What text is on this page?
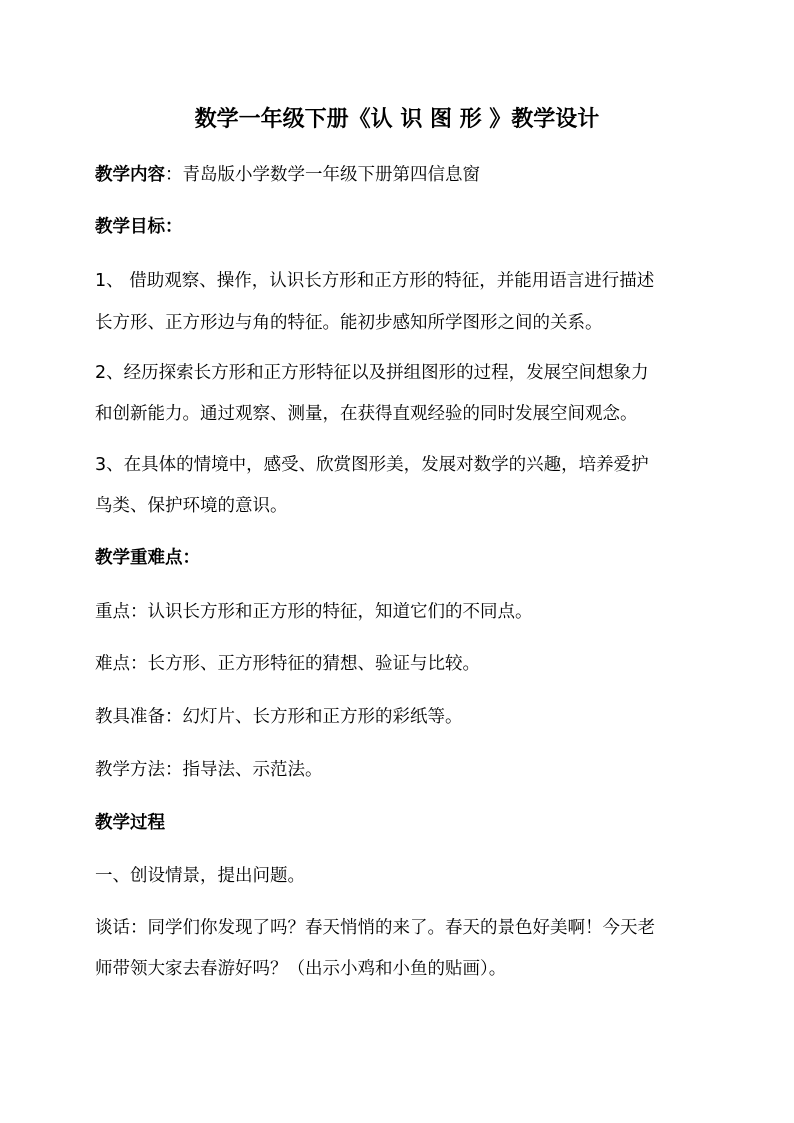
数学一年级下册《认 识 图 形 》教学设计
教学内容：青岛版小学数学一年级下册第四信息窗
教学目标：
1、 借助观察、操作，认识长方形和正方形的特征，并能用语言进行描述
长方形、正方形边与角的特征。能初步感知所学图形之间的关系。
2、经历探索长方形和正方形特征以及拼组图形的过程，发展空间想象力
和创新能力。通过观察、测量，在获得直观经验的同时发展空间观念。
3、在具体的情境中，感受、欣赏图形美，发展对数学的兴趣，培养爱护
鸟类、保护环境的意识。
教学重难点：
重点：认识长方形和正方形的特征，知道它们的不同点。
难点：长方形、正方形特征的猜想、验证与比较。
教具准备：幻灯片、长方形和正方形的彩纸等。
教学方法：指导法、示范法。
教学过程
一、创设情景，提出问题。
谈话：同学们你发现了吗？春天悄悄的来了。春天的景色好美啊！今天老
师带领大家去春游好吗？（出示小鸡和小鱼的贴画）。
